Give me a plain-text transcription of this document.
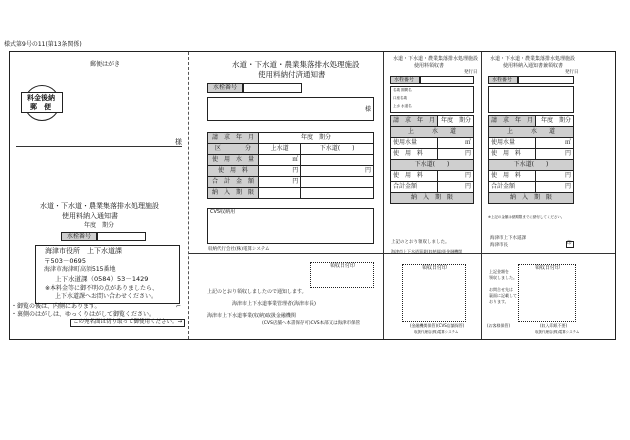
様式第9号の11(第13条関係)
郵便はがき
料金後納
郵　便
様
水道・下水道・農業集落排水処理施設
使用料納入通知書
年度　期分
水栓番号
海津市役所　上下水道課
〒503－0695
海津市海津町高須515番地
上下水道課（0584）53－1429
※本料金等に御不明の点がありましたら、
上下水道課へお問い合わせください。
・御覧の後は、内側にあります。
・裏側のはがしは、ゆっくりはがして御覧ください。
この宛名面は切り取って御使用ください。→
⌐
水道・下水道・農業集落排水処理施設
使用料納付済通知書
水栓番号
様
請　求　年　月	年度　期分	
区　　　　分	上水道	下水道(　　)
使　用　水　量	㎥	
使　用　料	円	円
合　計　金　額	円	
納　入　期　限		
CVS収納用
収納代行会社(株)電算システム
上記のとおり領収しましたので通知します。
海津市上下水道事業管理者(海津市長)
海津市上下水道事業(収納)取扱金融機関
(CVS店舗へ本書保存可)CVS本部又は海津市保管
領収日付印
水道・下水道・農業集落排水処理施設
使用料領収書
発行日
水栓番号
名義 期間名
口座名義
上水 水道名
請　求　年　月	年度　期分
上　　　水　　道	
使用水量	㎥
使　用　料	円
下水道(　　)	
使　用　料	円
合計金額	円
納　入　期　限	
上記のとおり領収しました。
海津市上下水道事業(収納)取扱金融機関
領収日付印
(金融機関保管)(CVS店舗保管)
取扱代理店(株)電算システム
水道・下水道・農業集落排水処理施設
使用料納入通知書兼領収書
発行日
水栓番号
請　求　年　月	年度　期分
上　　　水　　道	
使用水量	㎥
使　用　料	円
下水道(　　)	
使　用　料	円
合計金額	円
納　入　期　限	
※上記の金額は納期限までに納付してください。
海津市上下水道課
海津市長	印
上記金額を
領収しました。
お問合せ先は
裏面に記載して
おります。
領収日付印
(お客様保管)	(収入印紙不要)
取扱代理店(株)電算システム
